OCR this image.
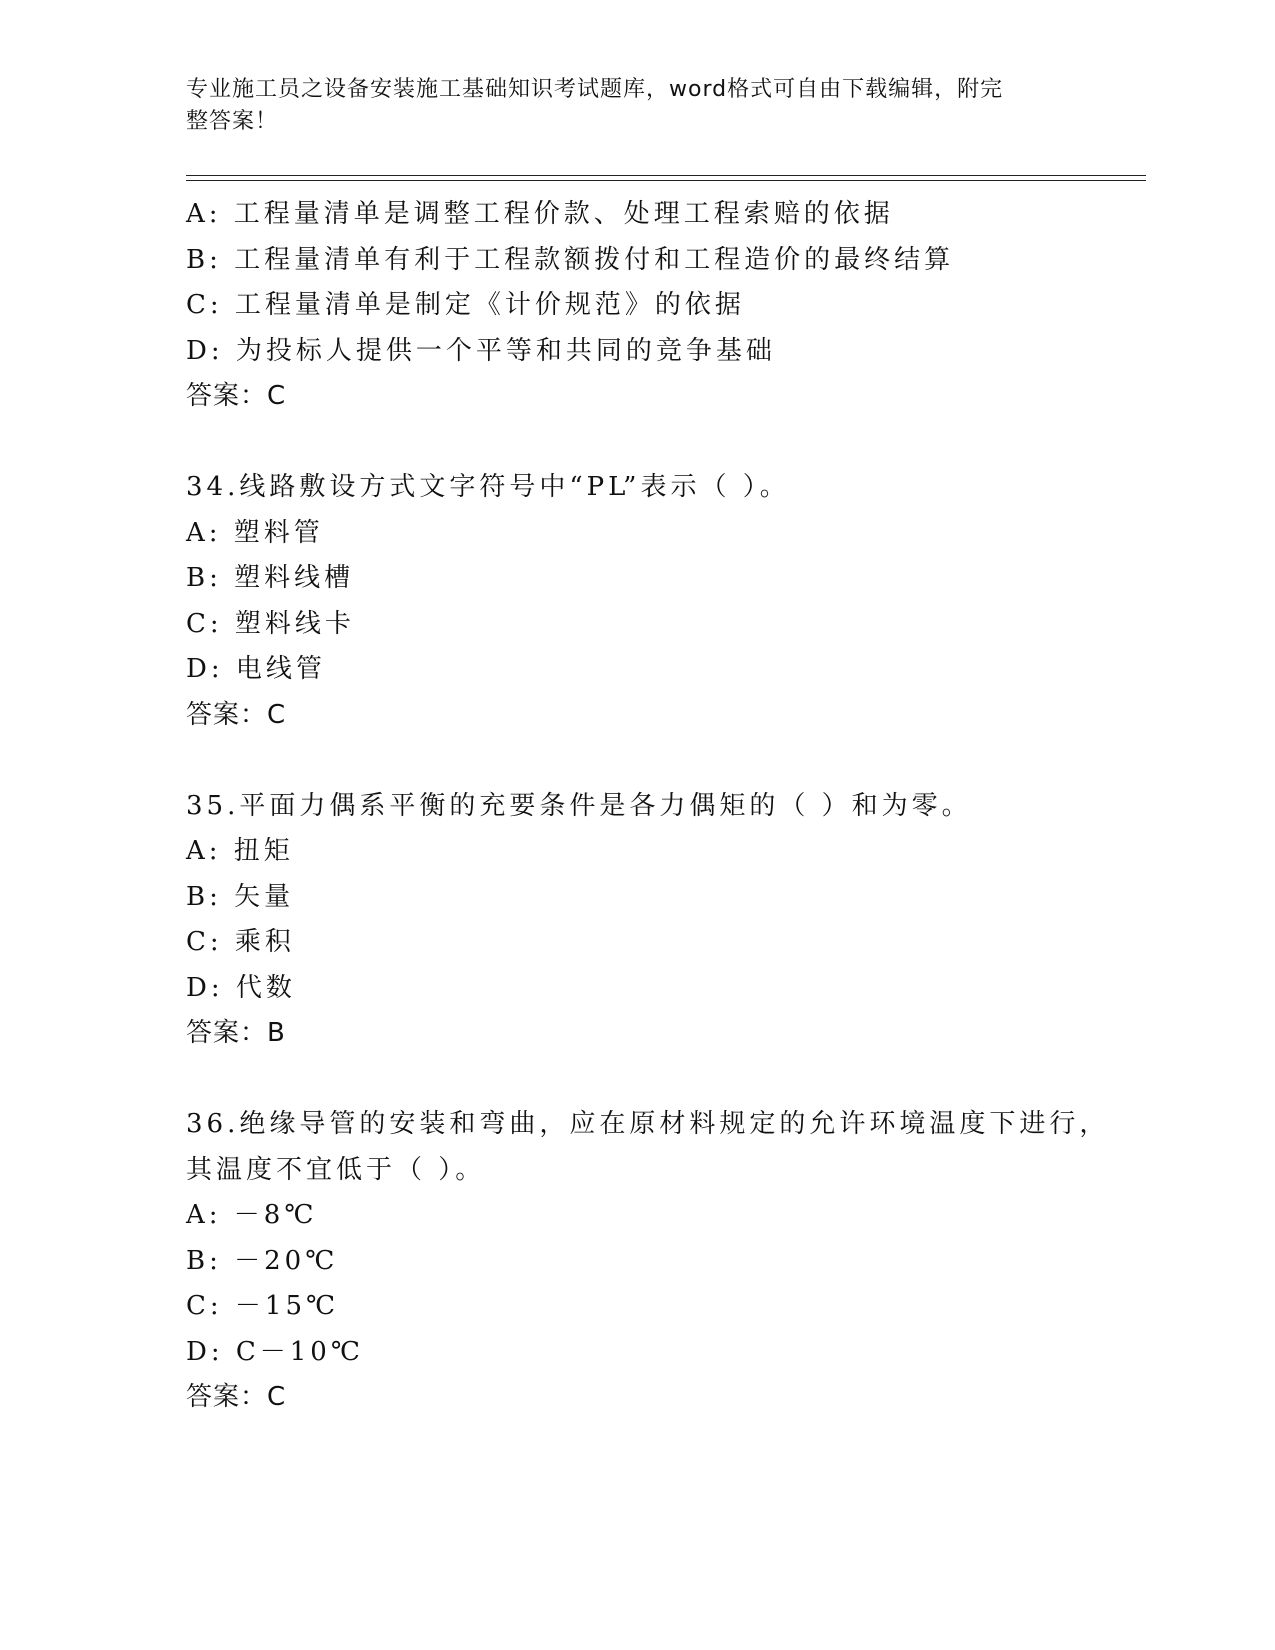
专业施工员之设备安装施工基础知识考试题库，word格式可自由下载编辑，附完
整答案！
A: 工程量清单是调整工程价款、处理工程索赔的依据
B: 工程量清单有利于工程款额拨付和工程造价的最终结算
C: 工程量清单是制定《计价规范》的依据
D: 为投标人提供一个平等和共同的竞争基础
答案：C
34.线路敷设方式文字符号中“PL”表示（ ）。
A: 塑料管
B: 塑料线槽
C: 塑料线卡
D: 电线管
答案：C
35.平面力偶系平衡的充要条件是各力偶矩的（ ）和为零。
A: 扭矩
B: 矢量
C: 乘积
D: 代数
答案：B
36.绝缘导管的安装和弯曲，应在原材料规定的允许环境温度下进行，
其温度不宜低于（ ）。
A: －8℃
B: －20℃
C: －15℃
D: C－10℃
答案：C
